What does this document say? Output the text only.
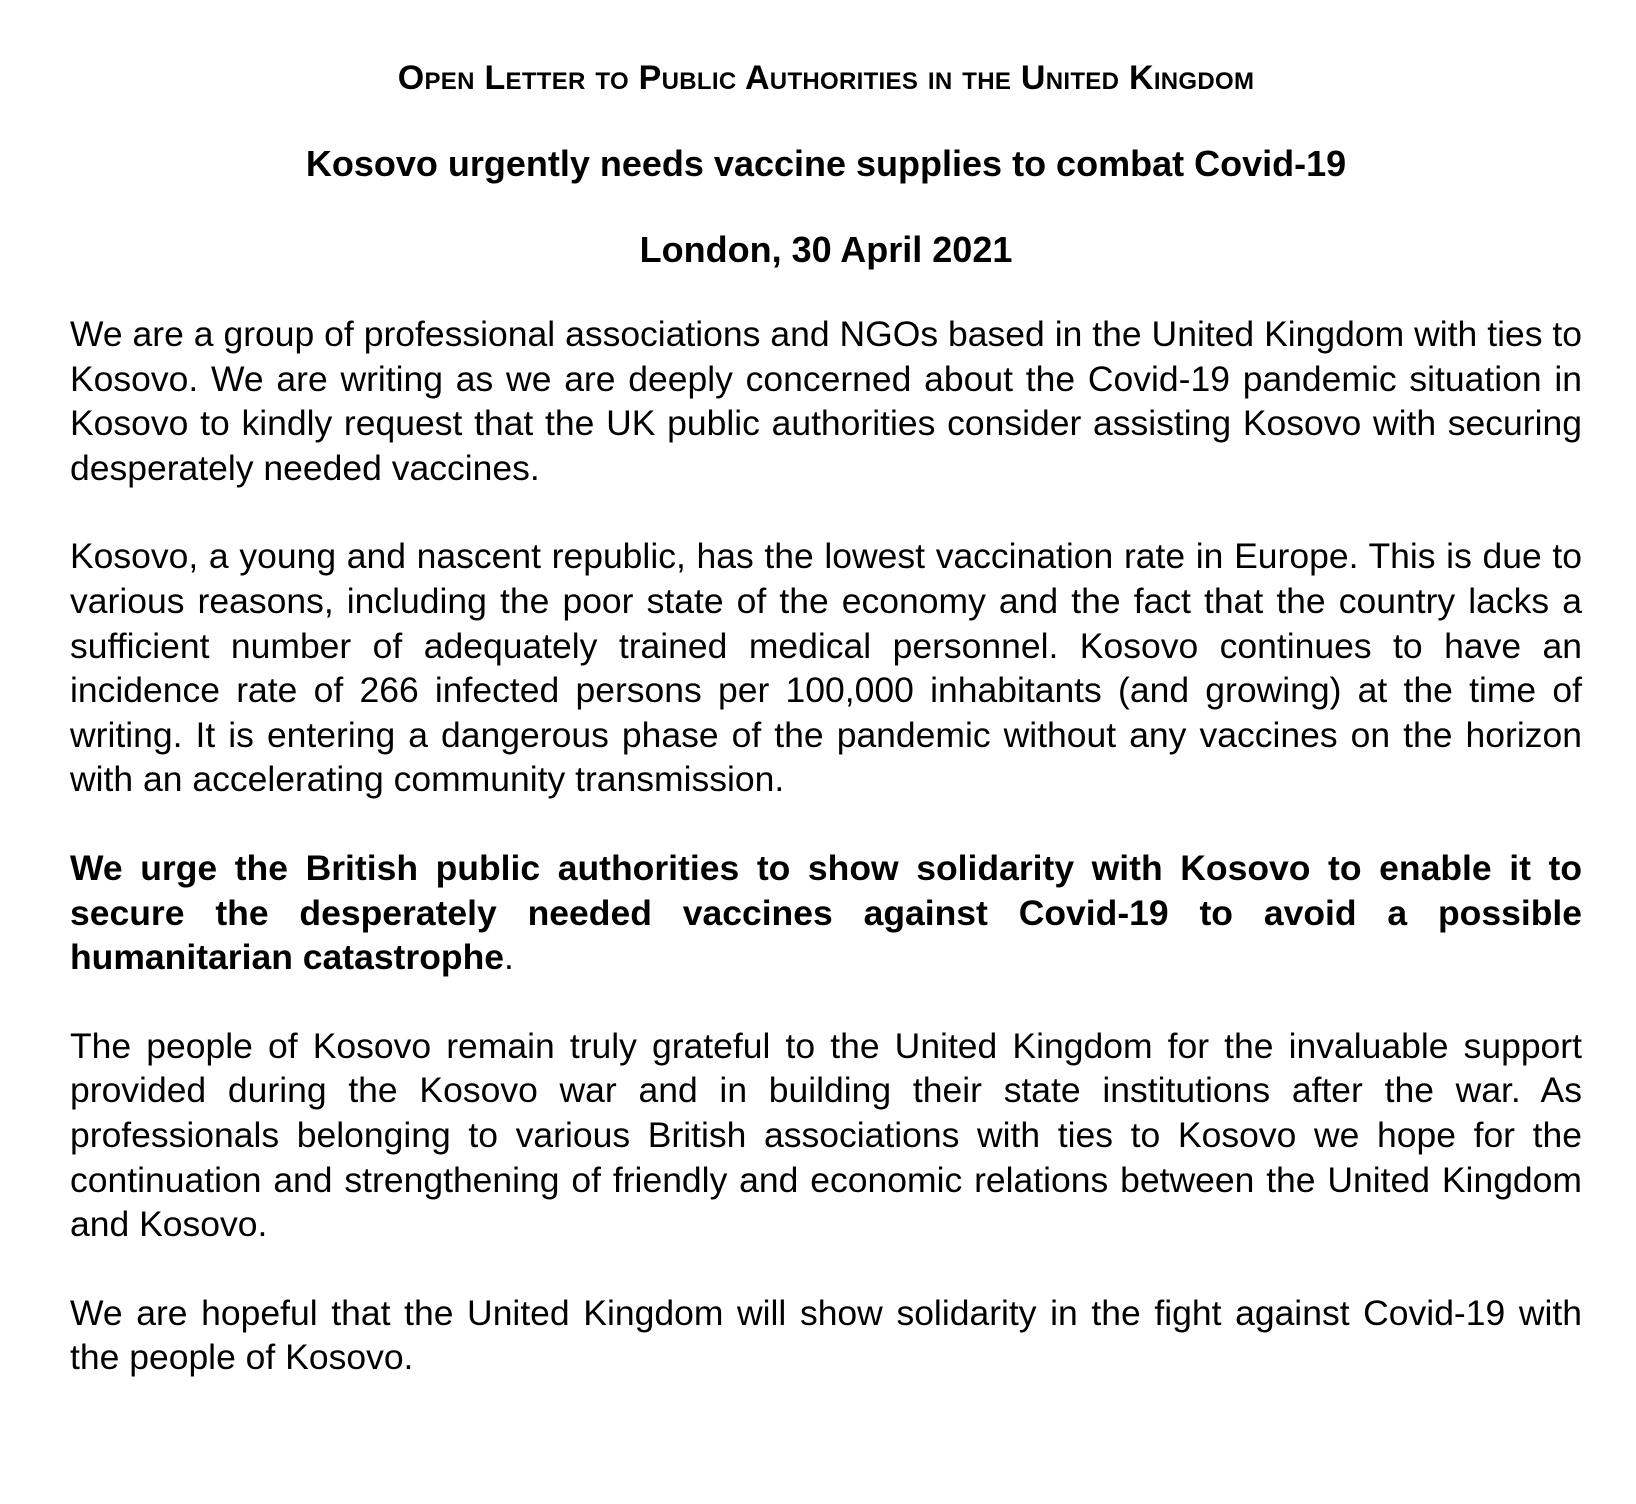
Open Letter to Public Authorities in the United Kingdom
Kosovo urgently needs vaccine supplies to combat Covid-19
London, 30 April 2021

We are a group of professional associations and NGOs based in the United Kingdom with ties to Kosovo. We are writing as we are deeply concerned about the Covid-19 pandemic situation in Kosovo to kindly request that the UK public authorities consider assisting Kosovo with securing desperately needed vaccines.

Kosovo, a young and nascent republic, has the lowest vaccination rate in Europe. This is due to various reasons, including the poor state of the economy and the fact that the country lacks a sufficient number of adequately trained medical personnel. Kosovo continues to have an incidence rate of 266 infected persons per 100,000 inhabitants (and growing) at the time of writing. It is entering a dangerous phase of the pandemic without any vaccines on the horizon with an accelerating community transmission.

We urge the British public authorities to show solidarity with Kosovo to enable it to secure the desperately needed vaccines against Covid-19 to avoid a possible humanitarian catastrophe.

The people of Kosovo remain truly grateful to the United Kingdom for the invaluable support provided during the Kosovo war and in building their state institutions after the war. As professionals belonging to various British associations with ties to Kosovo we hope for the continuation and strengthening of friendly and economic relations between the United Kingdom and Kosovo.

We are hopeful that the United Kingdom will show solidarity in the fight against Covid-19 with the people of Kosovo.
